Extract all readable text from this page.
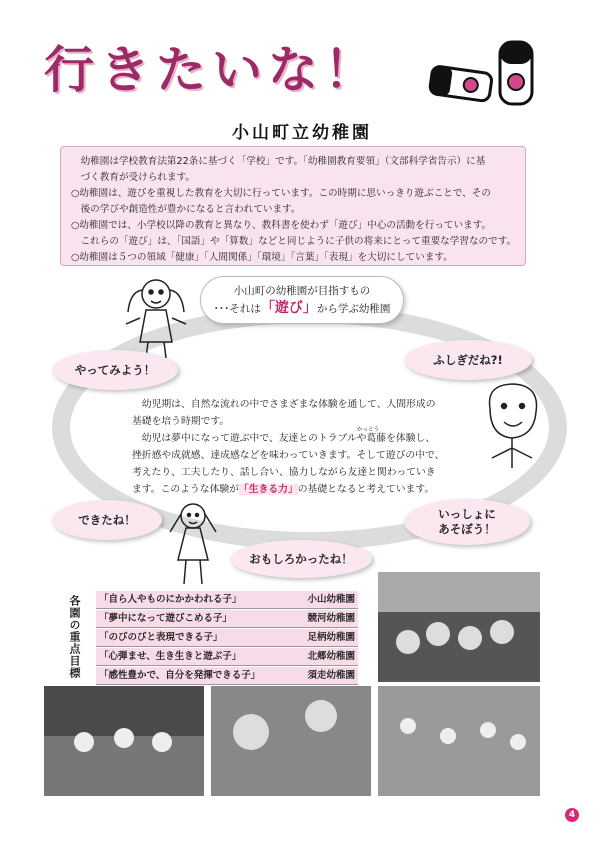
行きたいな！
小山町立幼稚園

　幼稚園は学校教育法第22条に基づく「学校」です。「幼稚園教育要領」（文部科学省告示）に基

　づく教育が受けられます。

○幼稚園は、遊びを重視した教育を大切に行っています。この時期に思いっきり遊ぶことで、その

　後の学びや創造性が豊かになると言われています。

○幼稚園では、小学校以降の教育と異なり、教科書を使わず「遊び」中心の活動を行っています。

　これらの「遊び」は、「国語」や「算数」などと同じように子供の将来にとって重要な学習なのです。

○幼稚園は５つの領域「健康」「人間関係」「環境」「言葉」「表現」を大切にしています。

小山町の幼稚園が目指すもの
･･･それは「遊び」から学ぶ幼稚園
やってみよう！
ふしぎだね?!
できたね！	いっしょに
あそぼう！
おもしろかったね！

　幼児期は、自然な流れの中でさまざまな体験を通して、人間形成の

基礎を培う時期です。

　幼児は夢中になって遊ぶ中で、友達とのトラブルや葛藤を体験し、
かっとう

挫折感や成就感、達成感などを味わっていきます。そして遊びの中で、

考えたり、工夫したり、話し合い、協力しながら友達と関わっていき

ます。このような体験が「生きる力」の基礎となると考えています。

各園の重点目標	「自ら人やものにかかわれる子」	小山幼稚園
「夢中になって遊びこめる子」	競河幼稚園
「のびのびと表現できる子」	足柄幼稚園
「心弾ませ、生き生きと遊ぶ子」	北郷幼稚園
「感性豊かで、自分を発揮できる子」	須走幼稚園
4
